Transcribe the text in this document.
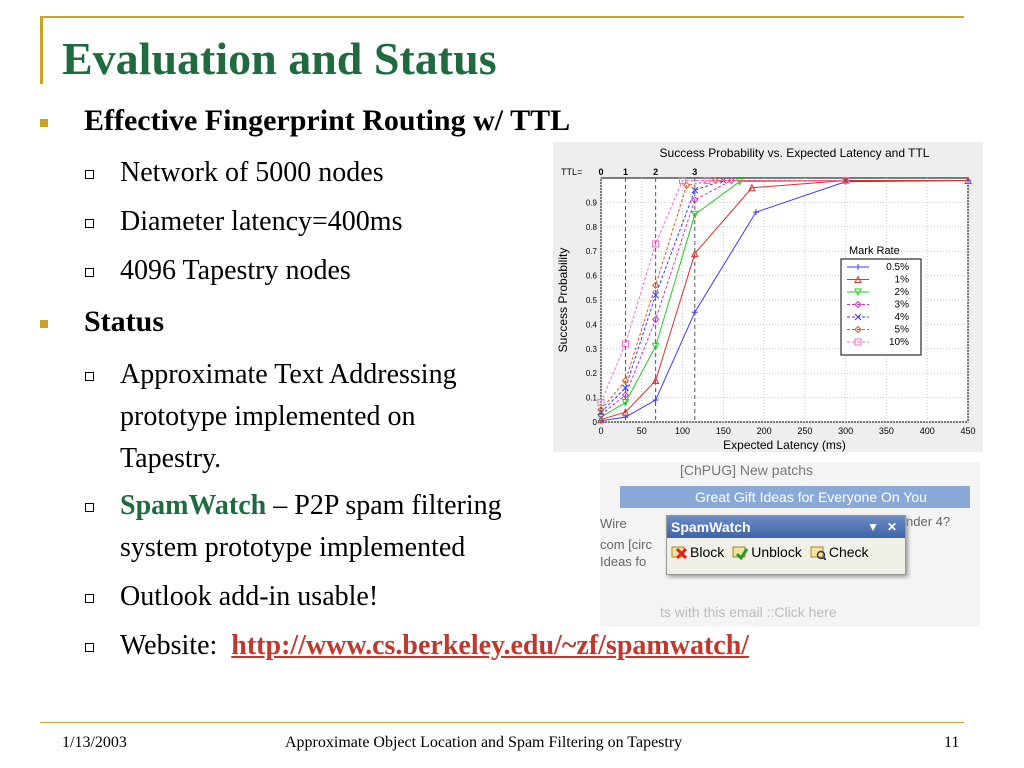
Evaluation and Status
Effective Fingerprint Routing w/ TTL
Network of 5000 nodes
Diameter latency=400ms
4096 Tapestry nodes
Status
Approximate Text Addressing
prototype implemented on
Tapestry.
SpamWatch – P2P spam filtering
system prototype implemented
Outlook add-in usable!
Website: http://www.cs.berkeley.edu/~zf/spamwatch/
0	50	100	150	200	250	300	350	400	450
0
0.1
0.2
0.3
0.4
0.5
0.6
0.7
0.8
0.9
Success Probability vs. Expected Latency and TTL
Expected Latency (ms)
Success Probability
TTL= 0 1	2	3
Mark Rate
0.5%
1%
2%
3%
4%
5%
10%
[ChPUG] New patchs
Great Gift Ideas for Everyone On You
Wire
com [circ
Ideas fo
nder 4?
SpamWatch	▼ ✕
Block Unblock Check
ts with this email ::Click here
1/13/2003	Approximate Object Location and Spam Filtering on Tapestry	11
